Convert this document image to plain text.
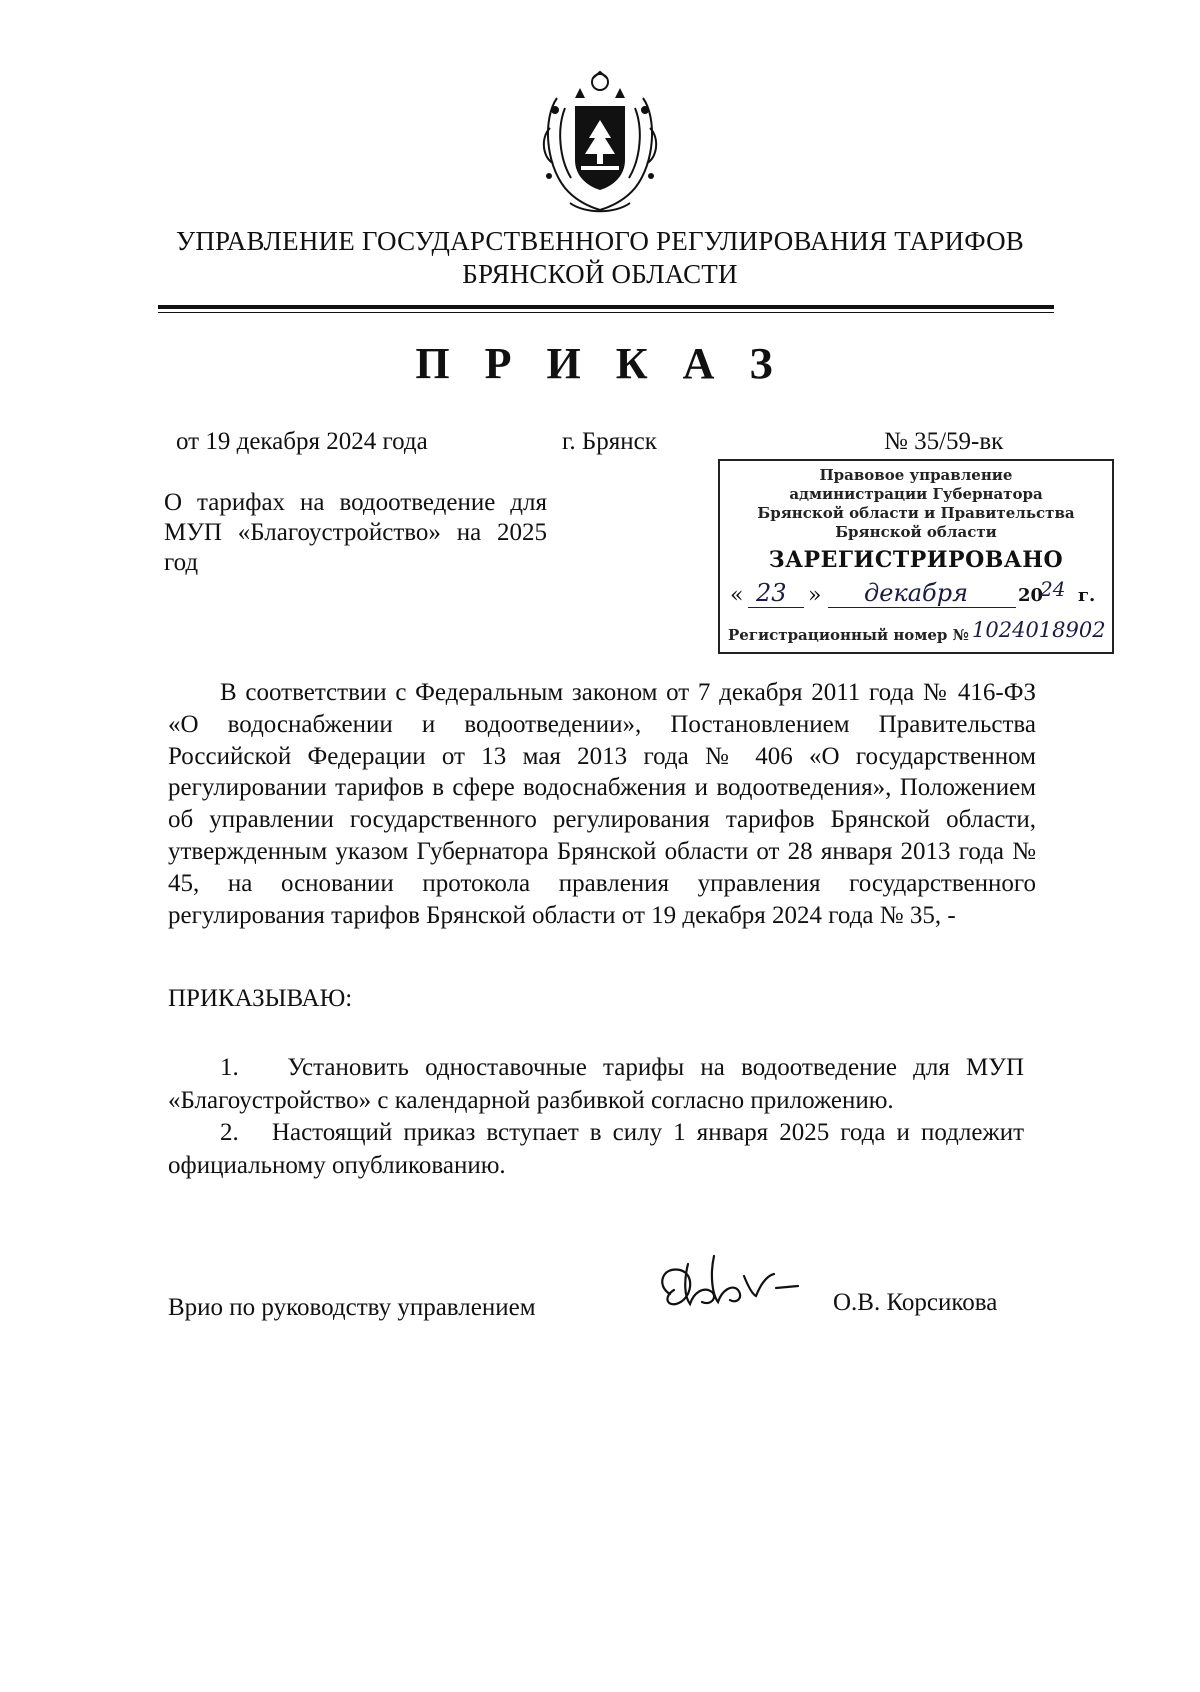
УПРАВЛЕНИЕ ГОСУДАРСТВЕННОГО РЕГУЛИРОВАНИЯ ТАРИФОВ
БРЯНСКОЙ ОБЛАСТИ
П Р И К А З
от 19 декабря 2024 года	г. Брянск	№ 35/59-вк
О тарифах на водоотведение для МУП «Благоустройство» на 2025 год
Правовое управление
администрации Губернатора
Брянской области и Правительства
Брянской области
ЗАРЕГИСТРИРОВАНО
« 23 » декабря	20
24 г.
Регистрационный номер № 1024018902

В соответствии с Федеральным законом от 7 декабря 2011 года № 416-ФЗ «О водоснабжении и водоотведении», Постановлением Правительства Российской Федерации от 13 мая 2013 года № 406 «О государственном регулировании тарифов в сфере водоснабжения и водоотведения», Положением об управлении государственного регулирования тарифов Брянской области, утвержденным указом Губернатора Брянской области от 28 января 2013 года № 45, на основании протокола правления управления государственного регулирования тарифов Брянской области от 19 декабря 2024 года № 35, -

ПРИКАЗЫВАЮ:
1. Установить одноставочные тарифы на водоотведение для МУП «Благоустройство» с календарной разбивкой согласно приложению.
2. Настоящий приказ вступает в силу 1 января 2025 года и подлежит официальному опубликованию.
Врио по руководству управлением	О.В. Корсикова
